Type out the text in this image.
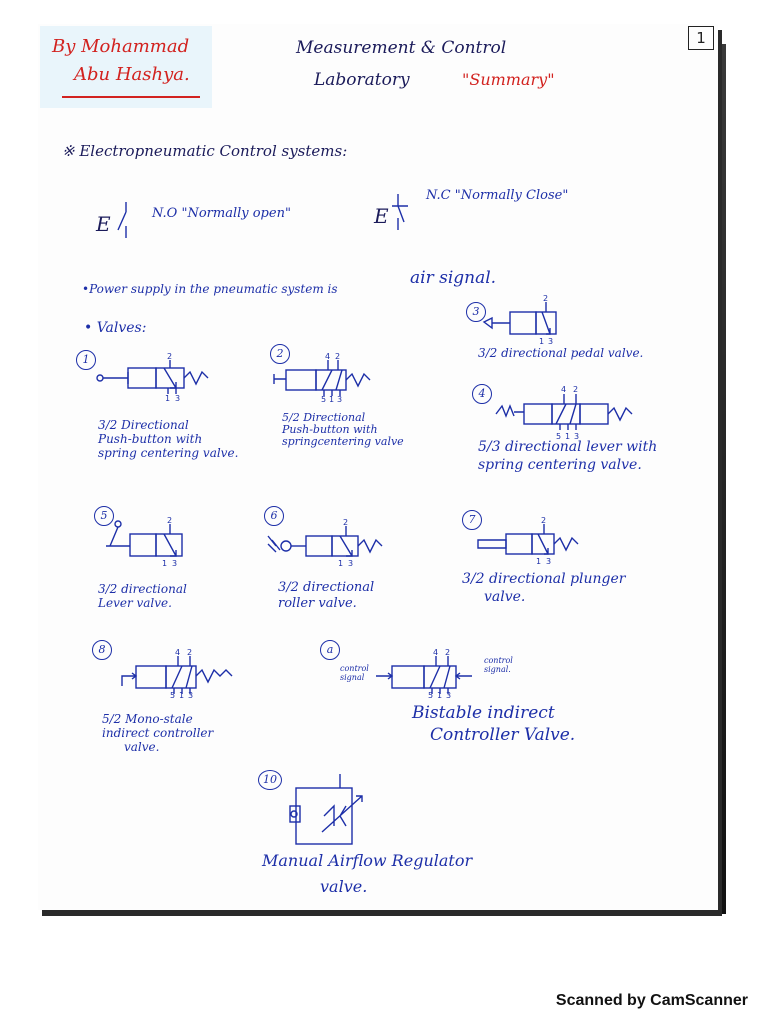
By Mohammad
Abu Hashya.
Measurement & Control
Laboratory	"Summary"
1
※ Electropneumatic Control systems:
E	N.O "Normally open"	E
N.C "Normally Close"
•Power supply in the pneumatic system is
air signal.
• Valves:
1	2
1 3
3/2 Directional
Push-button with
spring centering valve.
2	4 2
5 1 3
5/2 Directional
Push-button with
springcentering valve
3
2
1 3
3/2 directional pedal valve.
4	4 2
5 1 3
5/3 directional lever with
spring centering valve.
5	2
1 3
3/2 directional
Lever valve.
6
2
1 3
3/2 directional
roller valve.
7	2
1 3
3/2 directional plunger
valve.
8	4 2
5 1 3
5/2 Mono-stale
indirect controller
valve.
a
control signal
4 2
5 1 3
control signal.
Bistable indirect
Controller Valve.
10
Manual Airflow Regulator
valve.
Scanned by CamScanner
